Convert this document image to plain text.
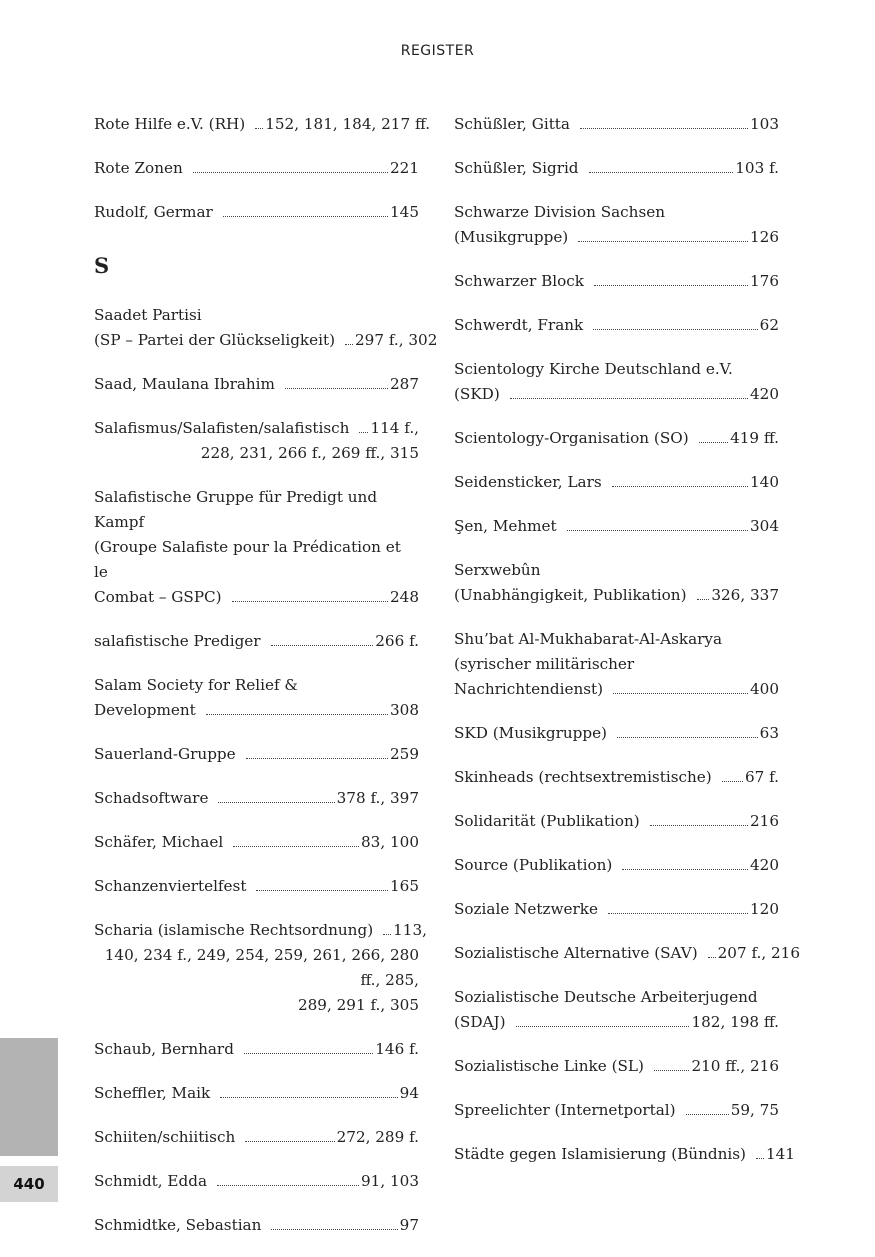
REGISTER
Rote Hilfe e.V. (RH) 152, 181, 184, 217 ff.
Rote Zonen	221
Rudolf, Germar	145
S
Saadet Partisi
(SP – Partei der Glückseligkeit) 297 f., 302
Saad, Maulana Ibrahim	287
Salafismus/Salafisten/salafistisch 114 f.,
228, 231, 266 f., 269 ff., 315
Salafistische Gruppe für Predigt und Kampf
(Groupe Salafiste pour la Prédication et le
Combat – GSPC)	248
salafistische Prediger	266 f.
Salam Society for Relief &
Development	308
Sauerland-Gruppe	259
Schadsoftware	378 f., 397
Schäfer, Michael	83, 100
Schanzenviertelfest	165
Scharia (islamische Rechtsordnung) 113,
140, 234 f., 249, 254, 259, 261, 266, 280 ff., 285,
289, 291 f., 305
Schaub, Bernhard	146 f.
Scheffler, Maik	94
Schiiten/schiitisch	272, 289 f.
Schmidt, Edda	91, 103
Schmidtke, Sebastian	97
Schüßler, Gitta	103
Schüßler, Sigrid	103 f.
Schwarze Division Sachsen
(Musikgruppe)	126
Schwarzer Block	176
Schwerdt, Frank	62
Scientology Kirche Deutschland e.V.
(SKD)	420
Scientology-Organisation (SO)	419 ff.
Seidensticker, Lars	140
Şen, Mehmet	304
Serxwebûn
(Unabhängigkeit, Publikation) 326, 337
Shu’bat Al-Mukhabarat-Al-Askarya
(syrischer militärischer
Nachrichtendienst)	400
SKD (Musikgruppe)	63
Skinheads (rechtsextremistische) 67 f.
Solidarität (Publikation)	216
Source (Publikation)	420
Soziale Netzwerke	120
Sozialistische Alternative (SAV) 207 f., 216
Sozialistische Deutsche Arbeiterjugend
(SDAJ)	182, 198 ff.
Sozialistische Linke (SL)	210 ff., 216
Spreelichter (Internetportal)	59, 75
Städte gegen Islamisierung (Bündnis) 141
440
